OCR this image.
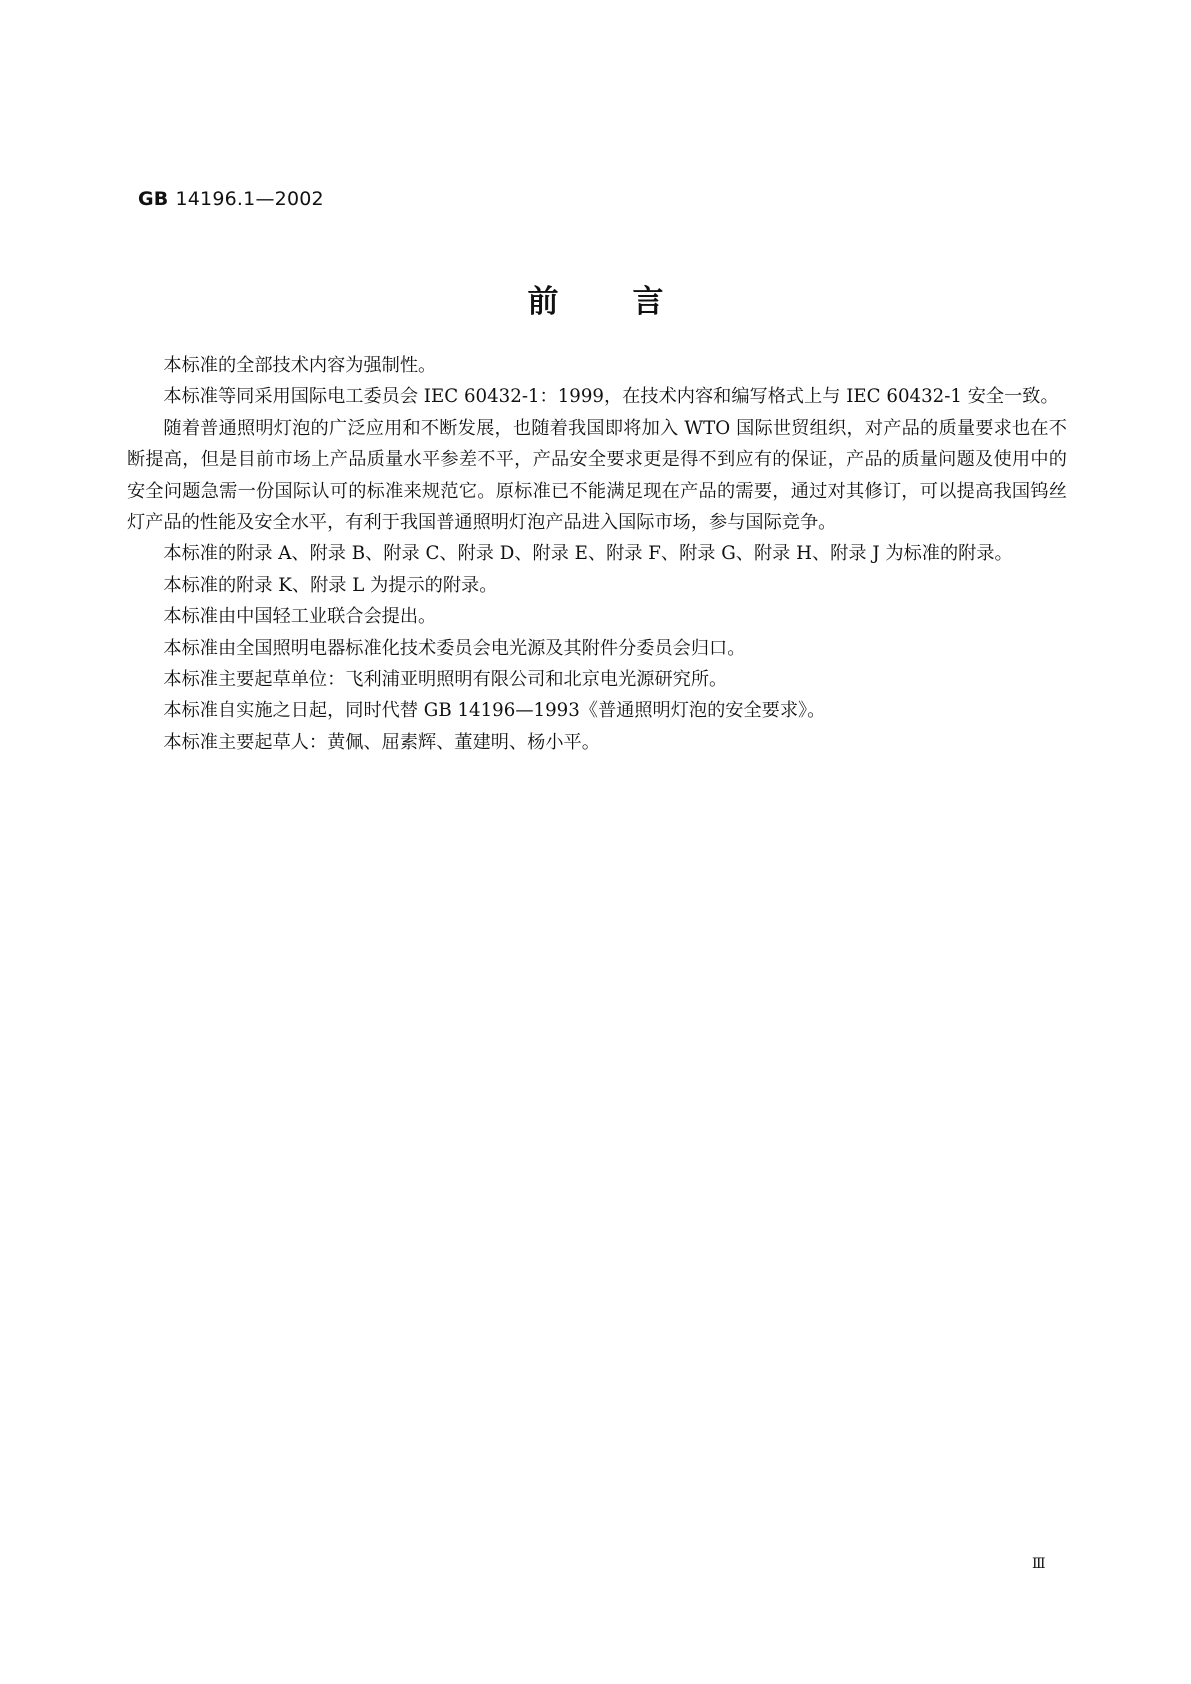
GB 14196.1—2002
前言

本标准的全部技术内容为强制性。

本标准等同采用国际电工委员会 IEC 60432-1：1999，在技术内容和编写格式上与 IEC 60432-1 安全一致。

随着普通照明灯泡的广泛应用和不断发展，也随着我国即将加入 WTO 国际世贸组织，对产品的质量要求也在不断提高，但是目前市场上产品质量水平参差不平，产品安全要求更是得不到应有的保证，产品的质量问题及使用中的安全问题急需一份国际认可的标准来规范它。原标准已不能满足现在产品的需要，通过对其修订，可以提高我国钨丝灯产品的性能及安全水平，有利于我国普通照明灯泡产品进入国际市场，参与国际竞争。

本标准的附录 A、附录 B、附录 C、附录 D、附录 E、附录 F、附录 G、附录 H、附录 J 为标准的附录。

本标准的附录 K、附录 L 为提示的附录。

本标准由中国轻工业联合会提出。

本标准由全国照明电器标准化技术委员会电光源及其附件分委员会归口。

本标准主要起草单位：飞利浦亚明照明有限公司和北京电光源研究所。

本标准自实施之日起，同时代替 GB 14196—1993《普通照明灯泡的安全要求》。

本标准主要起草人：黄佩、屈素辉、董建明、杨小平。

Ⅲ
